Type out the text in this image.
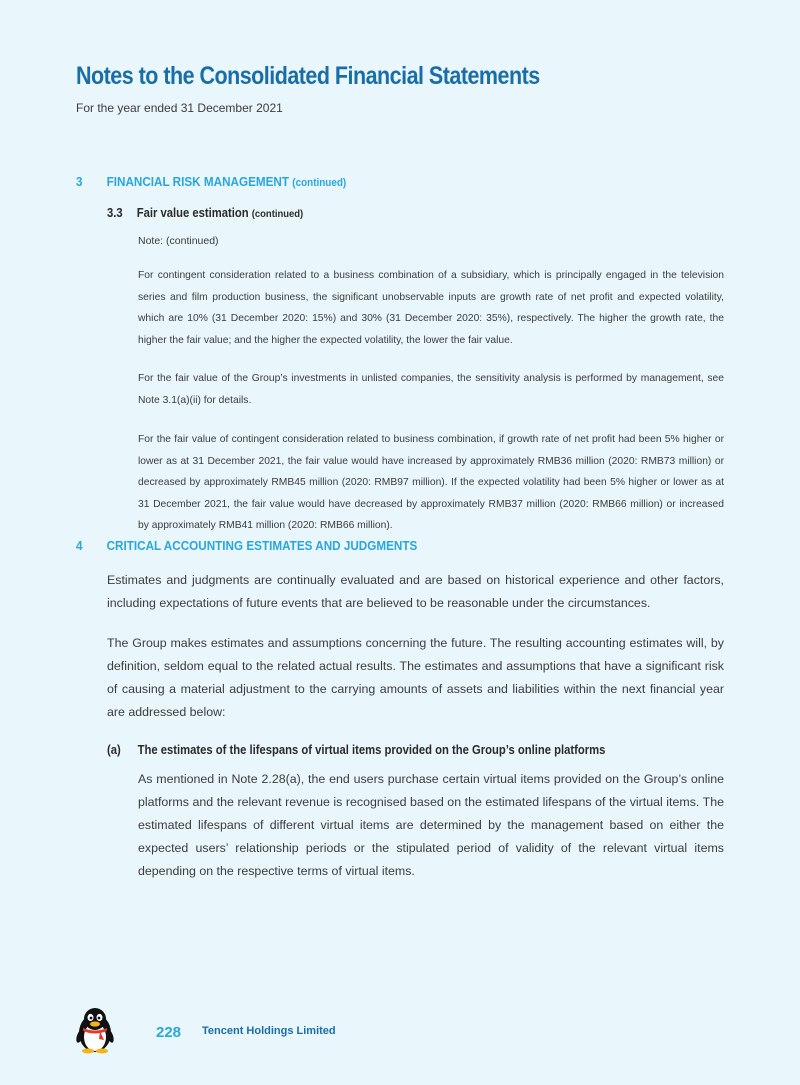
Notes to the Consolidated Financial Statements
For the year ended 31 December 2021
3 FINANCIAL RISK MANAGEMENT (continued)
3.3 Fair value estimation (continued)
Note: (continued)

For contingent consideration related to a business combination of a subsidiary, which is principally engaged in the television series and film production business, the significant unobservable inputs are growth rate of net profit and expected volatility, which are 10% (31 December 2020: 15%) and 30% (31 December 2020: 35%), respectively. The higher the growth rate, the higher the fair value; and the higher the expected volatility, the lower the fair value.

For the fair value of the Group’s investments in unlisted companies, the sensitivity analysis is performed by management, see Note 3.1(a)(ii) for details.

For the fair value of contingent consideration related to business combination, if growth rate of net profit had been 5% higher or lower as at 31 December 2021, the fair value would have increased by approximately RMB36 million (2020: RMB73 million) or decreased by approximately RMB45 million (2020: RMB97 million). If the expected volatility had been 5% higher or lower as at 31 December 2021, the fair value would have decreased by approximately RMB37 million (2020: RMB66 million) or increased by approximately RMB41 million (2020: RMB66 million).

4 CRITICAL ACCOUNTING ESTIMATES AND JUDGMENTS

Estimates and judgments are continually evaluated and are based on historical experience and other factors, including expectations of future events that are believed to be reasonable under the circumstances.

The Group makes estimates and assumptions concerning the future. The resulting accounting estimates will, by definition, seldom equal to the related actual results. The estimates and assumptions that have a significant risk of causing a material adjustment to the carrying amounts of assets and liabilities within the next financial year are addressed below:

(a) The estimates of the lifespans of virtual items provided on the Group’s online platforms

As mentioned in Note 2.28(a), the end users purchase certain virtual items provided on the Group’s online platforms and the relevant revenue is recognised based on the estimated lifespans of the virtual items. The estimated lifespans of different virtual items are determined by the management based on either the expected users’ relationship periods or the stipulated period of validity of the relevant virtual items depending on the respective terms of virtual items.

228 Tencent Holdings Limited
